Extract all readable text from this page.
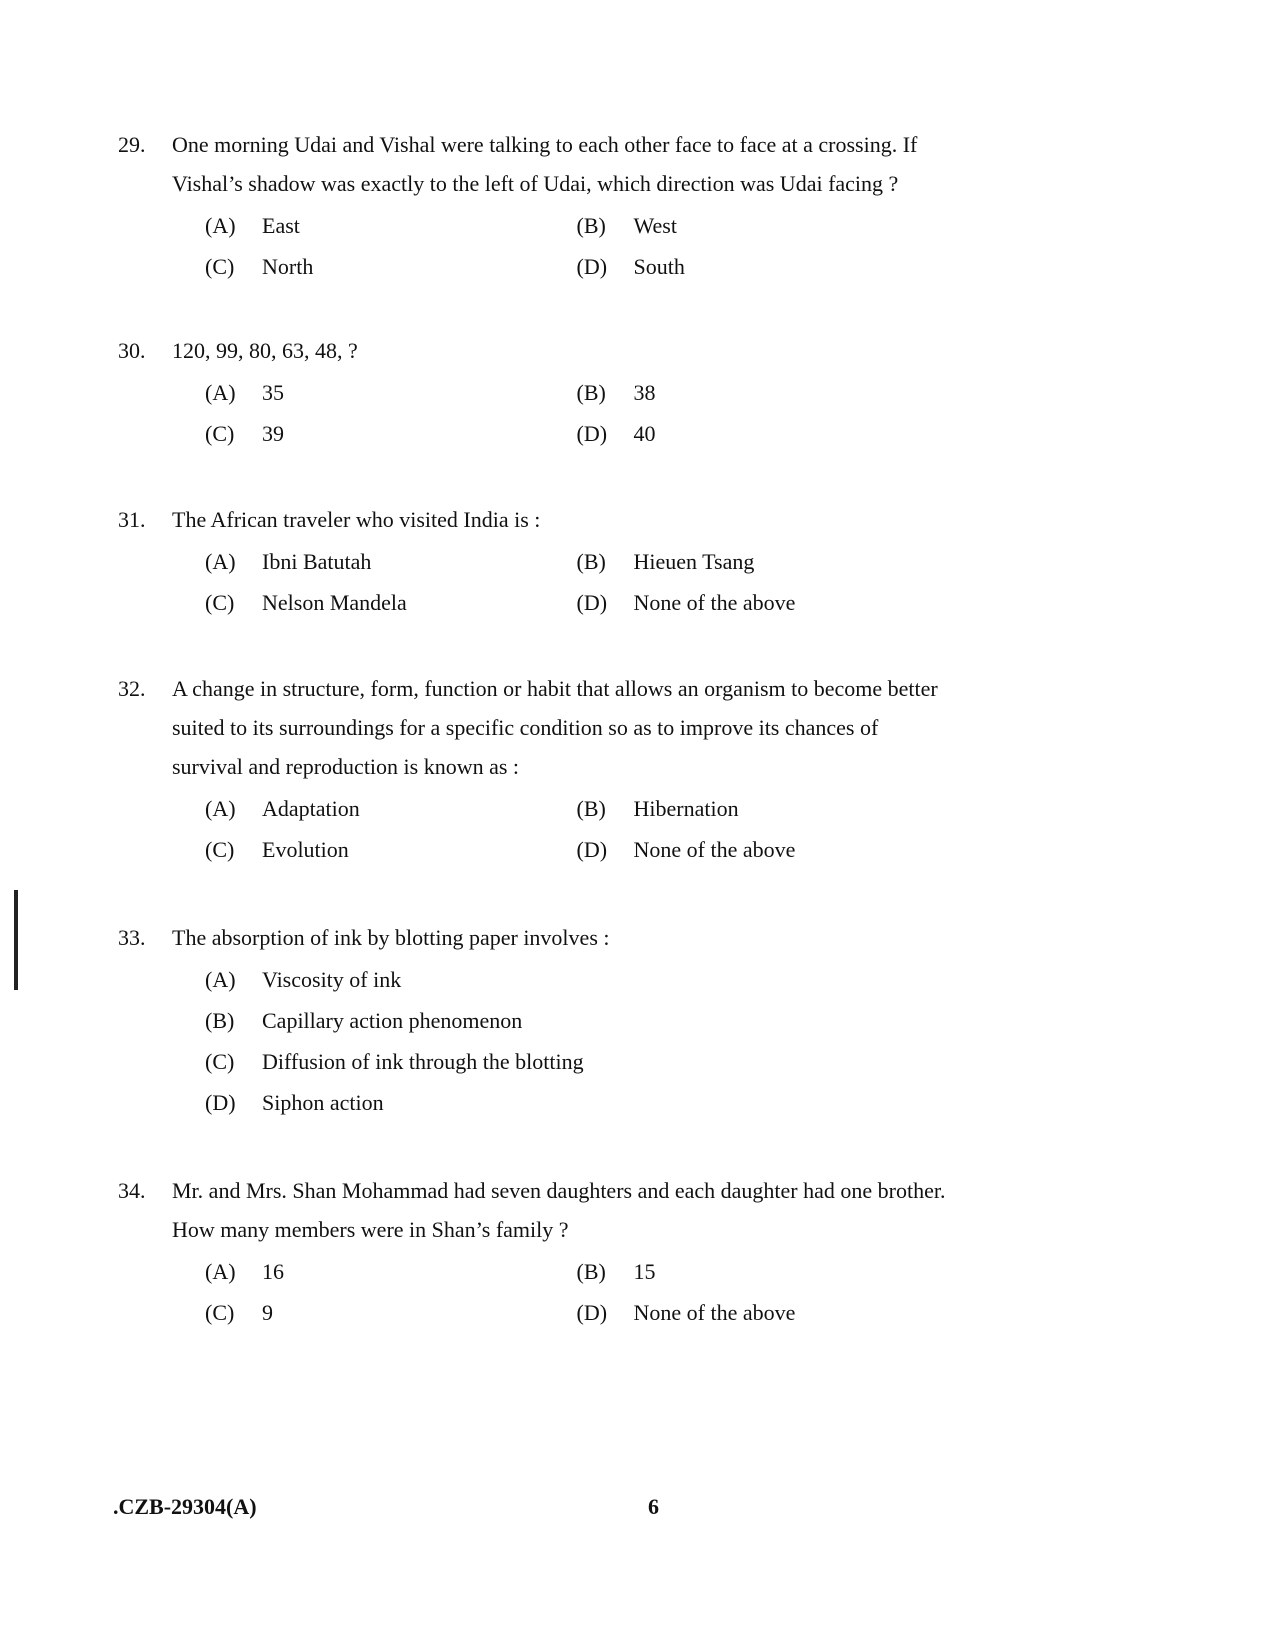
29.	One morning Udai and Vishal were talking to each other face to face at a crossing. If Vishal’s shadow was exactly to the left of Udai, which direction was Udai facing ?
(A)	East	(B)	West
(C)	North	(D)	South
30.	120, 99, 80, 63, 48, ?
(A)	35	(B)	38
(C)	39	(D)	40
31.	The African traveler who visited India is :
(A)	Ibni Batutah	(B)	Hieuen Tsang
(C)	Nelson Mandela	(D)	None of the above
32.	A change in structure, form, function or habit that allows an organism to become better suited to its surroundings for a specific condition so as to improve its chances of survival and reproduction is known as :
(A)	Adaptation	(B)	Hibernation
(C)	Evolution	(D)	None of the above
33.	The absorption of ink by blotting paper involves :
(A)	Viscosity of ink
(B)	Capillary action phenomenon
(C)	Diffusion of ink through the blotting
(D)	Siphon action
34.	Mr. and Mrs. Shan Mohammad had seven daughters and each daughter had one brother. How many members were in Shan’s family ?
(A)	16	(B)	15
(C)	9	(D)	None of the above
.CZB-29304(A)	6
